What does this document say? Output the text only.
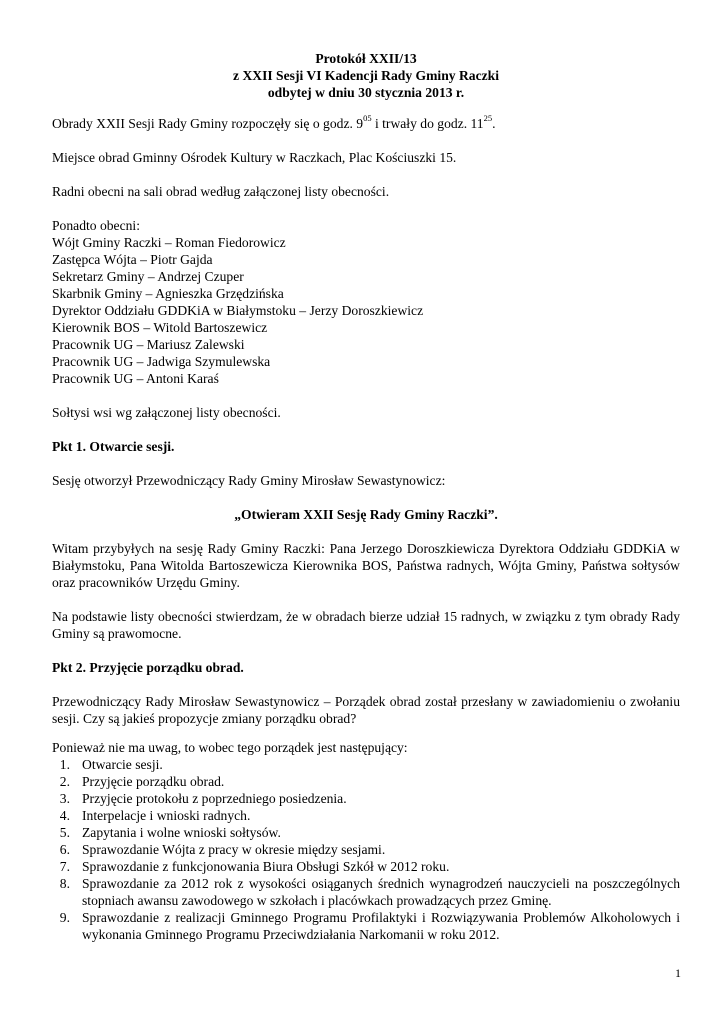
Protokół XXII/13

z XXII Sesji VI Kadencji Rady Gminy Raczki

odbytej w dniu 30 stycznia 2013 r.

Obrady XXII Sesji Rady Gminy rozpoczęły się o godz. $9^{05}$ i trwały do godz. $11^{25}$.

Miejsce obrad Gminny Ośrodek Kultury w Raczkach, Plac Kościuszki 15.

Radni obecni na sali obrad według załączonej listy obecności.

Ponadto obecni:

Wójt Gminy Raczki – Roman Fiedorowicz
Zastępca Wójta – Piotr Gajda
Sekretarz Gminy – Andrzej Czuper
Skarbnik Gminy – Agnieszka Grzędzińska
Dyrektor Oddziału GDDKiA w Białymstoku – Jerzy Doroszkiewicz
Kierownik BOS – Witold Bartoszewicz
Pracownik UG – Mariusz Zalewski
Pracownik UG – Jadwiga Szymulewska
Pracownik UG – Antoni Karaś

Sołtysi wsi wg załączonej listy obecności.

Pkt 1. Otwarcie sesji.

Sesję otworzył Przewodniczący Rady Gminy Mirosław Sewastynowicz:

„Otwieram XXII Sesję Rady Gminy Raczki”.

Witam przybyłych na sesję Rady Gminy Raczki: Pana Jerzego Doroszkiewicza Dyrektora Oddziału GDDKiA w Białymstoku, Pana Witolda Bartoszewicza Kierownika BOS, Państwa radnych, Wójta Gminy, Państwa sołtysów oraz pracowników Urzędu Gminy.

Na podstawie listy obecności stwierdzam, że w obradach bierze udział 15 radnych, w związku z tym obrady Rady Gminy są prawomocne.

Pkt 2. Przyjęcie porządku obrad.

Przewodniczący Rady Mirosław Sewastynowicz – Porządek obrad został przesłany w zawiadomieniu o zwołaniu sesji. Czy są jakieś propozycje zmiany porządku obrad?

Ponieważ nie ma uwag, to wobec tego porządek jest następujący:

1. Otwarcie sesji.
2. Przyjęcie porządku obrad.
3. Przyjęcie protokołu z poprzedniego posiedzenia.
4. Interpelacje i wnioski radnych.
5. Zapytania i wolne wnioski sołtysów.
6. Sprawozdanie Wójta z pracy w okresie między sesjami.
7. Sprawozdanie z funkcjonowania Biura Obsługi Szkół w 2012 roku.
8. Sprawozdanie za 2012 rok z wysokości osiąganych średnich wynagrodzeń nauczycieli na poszczególnych stopniach awansu zawodowego w szkołach i placówkach prowadzących przez Gminę.
9. Sprawozdanie z realizacji Gminnego Programu Profilaktyki i Rozwiązywania Problemów Alkoholowych i wykonania Gminnego Programu Przeciwdziałania Narkomanii w roku 2012.
1
